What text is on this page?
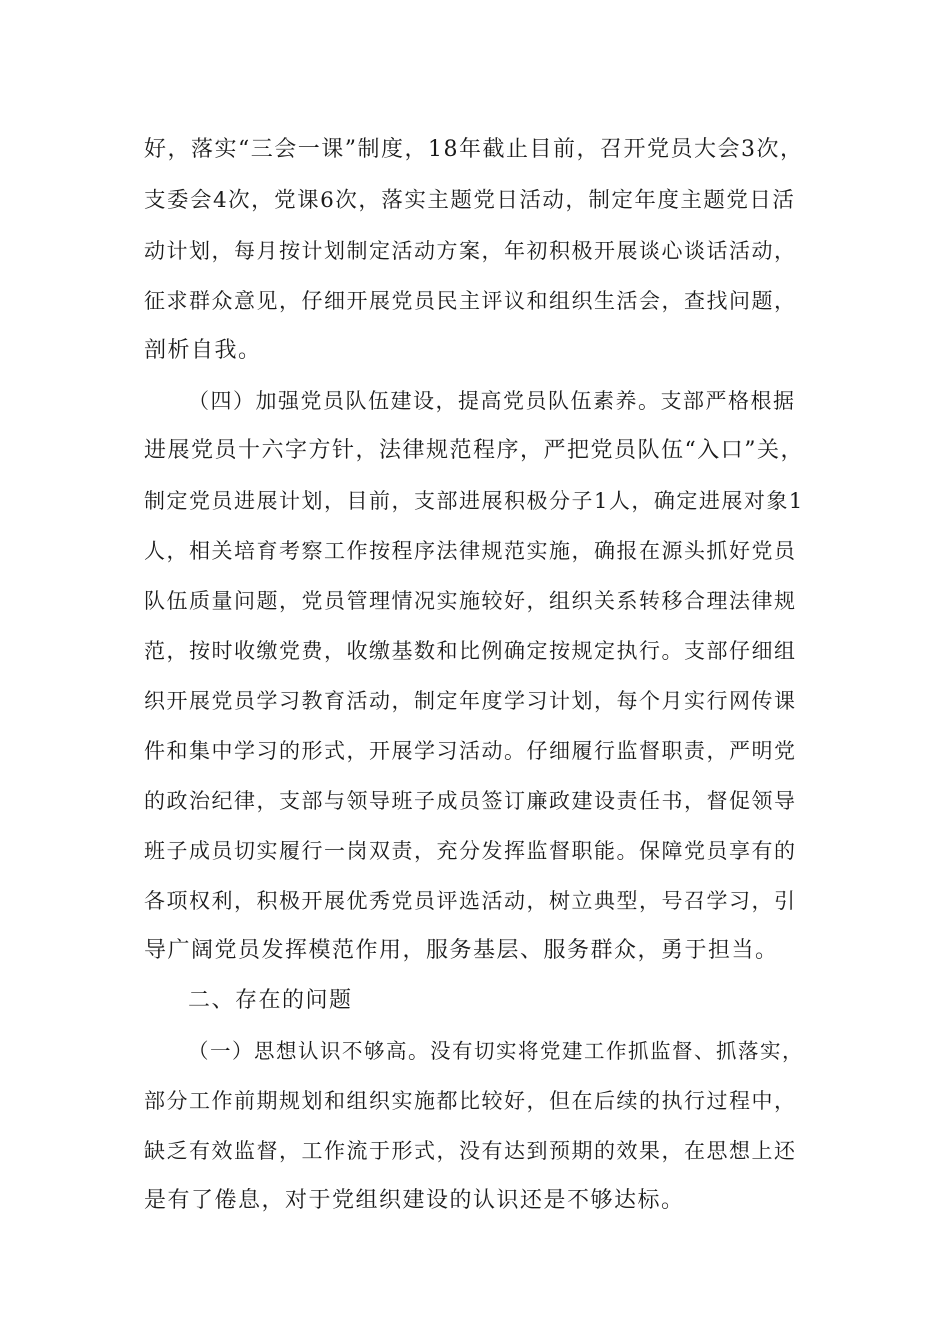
好，落实“三会一课”制度，18年截止目前，召开党员大会3次，
支委会4次，党课6次，落实主题党日活动，制定年度主题党日活
动计划，每月按计划制定活动方案，年初积极开展谈心谈话活动，
征求群众意见，仔细开展党员民主评议和组织生活会，查找问题，
剖析自我。
（四）加强党员队伍建设，提高党员队伍素养。支部严格根据
进展党员十六字方针，法律规范程序，严把党员队伍“入口”关，
制定党员进展计划，目前，支部进展积极分子1人，确定进展对象1
人，相关培育考察工作按程序法律规范实施，确报在源头抓好党员
队伍质量问题，党员管理情况实施较好，组织关系转移合理法律规
范，按时收缴党费，收缴基数和比例确定按规定执行。支部仔细组
织开展党员学习教育活动，制定年度学习计划，每个月实行网传课
件和集中学习的形式，开展学习活动。仔细履行监督职责，严明党
的政治纪律，支部与领导班子成员签订廉政建设责任书，督促领导
班子成员切实履行一岗双责，充分发挥监督职能。保障党员享有的
各项权利，积极开展优秀党员评选活动，树立典型，号召学习，引
导广阔党员发挥模范作用，服务基层、服务群众，勇于担当。
二、存在的问题
（一）思想认识不够高。没有切实将党建工作抓监督、抓落实，
部分工作前期规划和组织实施都比较好，但在后续的执行过程中，
缺乏有效监督，工作流于形式，没有达到预期的效果，在思想上还
是有了倦息，对于党组织建设的认识还是不够达标。
